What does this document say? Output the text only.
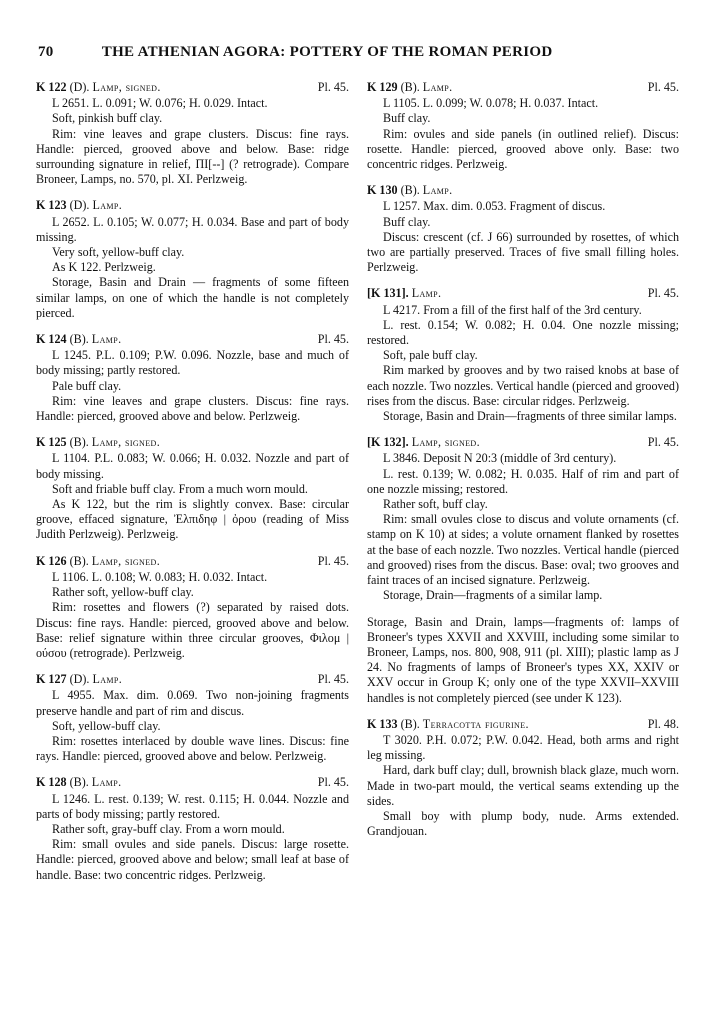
70	THE ATHENIAN AGORA: POTTERY OF THE ROMAN PERIOD
K 122 (D). Lamp, signed.	Pl. 45.

L 2651. L. 0.091; W. 0.076; H. 0.029. Intact.

Soft, pinkish buff clay.

Rim: vine leaves and grape clusters. Discus: fine rays. Handle: pierced, grooved above and below. Base: ridge surrounding signature in relief, ΠΙ[--] (? retrograde). Compare Broneer, Lamps, no. 570, pl. XI. Perlzweig.

K 123 (D). Lamp.

L 2652. L. 0.105; W. 0.077; H. 0.034. Base and part of body missing.

Very soft, yellow-buff clay.

As K 122. Perlzweig.

Storage, Basin and Drain — fragments of some fifteen similar lamps, on one of which the handle is not completely pierced.

K 124 (B). Lamp.	Pl. 45.

L 1245. P.L. 0.109; P.W. 0.096. Nozzle, base and much of body missing; partly restored.

Pale buff clay.

Rim: vine leaves and grape clusters. Discus: fine rays. Handle: pierced, grooved above and below. Perlzweig.

K 125 (B). Lamp, signed.

L 1104. P.L. 0.083; W. 0.066; H. 0.032. Nozzle and part of body missing.

Soft and friable buff clay. From a much worn mould.

As K 122, but the rim is slightly convex. Base: circular groove, effaced signature, Ἐλπιδηφ | ὀρου (reading of Miss Judith Perlzweig). Perlzweig.

K 126 (B). Lamp, signed.	Pl. 45.

L 1106. L. 0.108; W. 0.083; H. 0.032. Intact.

Rather soft, yellow-buff clay.

Rim: rosettes and flowers (?) separated by raised dots. Discus: fine rays. Handle: pierced, grooved above and below. Base: relief signature within three circular grooves, Φιλομ | ούσου (retrograde). Perlzweig.

K 127 (D). Lamp.	Pl. 45.

L 4955. Max. dim. 0.069. Two non-joining fragments preserve handle and part of rim and discus.

Soft, yellow-buff clay.

Rim: rosettes interlaced by double wave lines. Discus: fine rays. Handle: pierced, grooved above and below. Perlzweig.

K 128 (B). Lamp.	Pl. 45.

L 1246. L. rest. 0.139; W. rest. 0.115; H. 0.044. Nozzle and parts of body missing; partly restored.

Rather soft, gray-buff clay. From a worn mould.

Rim: small ovules and side panels. Discus: large rosette. Handle: pierced, grooved above and below; small leaf at base of handle. Base: two concentric ridges. Perlzweig.

K 129 (B). Lamp.	Pl. 45.

L 1105. L. 0.099; W. 0.078; H. 0.037. Intact.

Buff clay.

Rim: ovules and side panels (in outlined relief). Discus: rosette. Handle: pierced, grooved above only. Base: two concentric ridges. Perlzweig.

K 130 (B). Lamp.

L 1257. Max. dim. 0.053. Fragment of discus.

Buff clay.

Discus: crescent (cf. J 66) surrounded by rosettes, of which two are partially preserved. Traces of five small filling holes. Perlzweig.

[K 131]. Lamp.	Pl. 45.

L 4217. From a fill of the first half of the 3rd century.

L. rest. 0.154; W. 0.082; H. 0.04. One nozzle missing; restored.

Soft, pale buff clay.

Rim marked by grooves and by two raised knobs at base of each nozzle. Two nozzles. Vertical handle (pierced and grooved) rises from the discus. Base: circular ridges. Perlzweig.

Storage, Basin and Drain—fragments of three similar lamps.

[K 132]. Lamp, signed.	Pl. 45.

L 3846. Deposit N 20:3 (middle of 3rd century).

L. rest. 0.139; W. 0.082; H. 0.035. Half of rim and part of one nozzle missing; restored.

Rather soft, buff clay.

Rim: small ovules close to discus and volute ornaments (cf. stamp on K 10) at sides; a volute ornament flanked by rosettes at the base of each nozzle. Two nozzles. Vertical handle (pierced and grooved) rises from the discus. Base: oval; two grooves and faint traces of an incised signature. Perlzweig.

Storage, Drain—fragments of a similar lamp.

Storage, Basin and Drain, lamps—fragments of: lamps of Broneer's types XXVII and XXVIII, including some similar to Broneer, Lamps, nos. 800, 908, 911 (pl. XIII); plastic lamp as J 24. No fragments of lamps of Broneer's types XX, XXIV or XXV occur in Group K; only one of the type XXVII–XXVIII handles is not completely pierced (see under K 123).

K 133 (B). Terracotta figurine.	Pl. 48.

T 3020. P.H. 0.072; P.W. 0.042. Head, both arms and right leg missing.

Hard, dark buff clay; dull, brownish black glaze, much worn. Made in two-part mould, the vertical seams extending up the sides.

Small boy with plump body, nude. Arms extended. Grandjouan.
